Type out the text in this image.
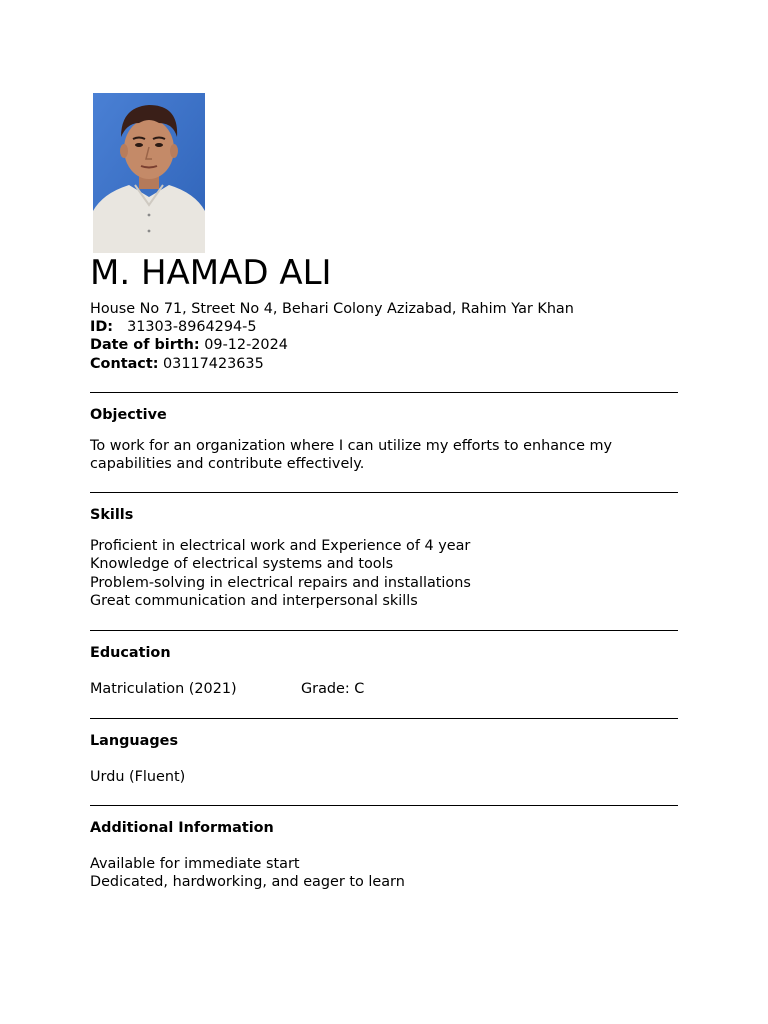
M. HAMAD ALI
House No 71, Street No 4, Behari Colony Azizabad, Rahim Yar Khan
ID: 31303-8964294-5
Date of birth: 09-12-2024
Contact: 03117423635
Objective
To work for an organization where I can utilize my efforts to enhance my
capabilities and contribute effectively.
Skills
Proficient in electrical work and Experience of 4 year
Knowledge of electrical systems and tools
Problem-solving in electrical repairs and installations
Great communication and interpersonal skills
Education
Matriculation (2021)	Grade: C
Languages
Urdu (Fluent)
Additional Information
Available for immediate start
Dedicated, hardworking, and eager to learn
